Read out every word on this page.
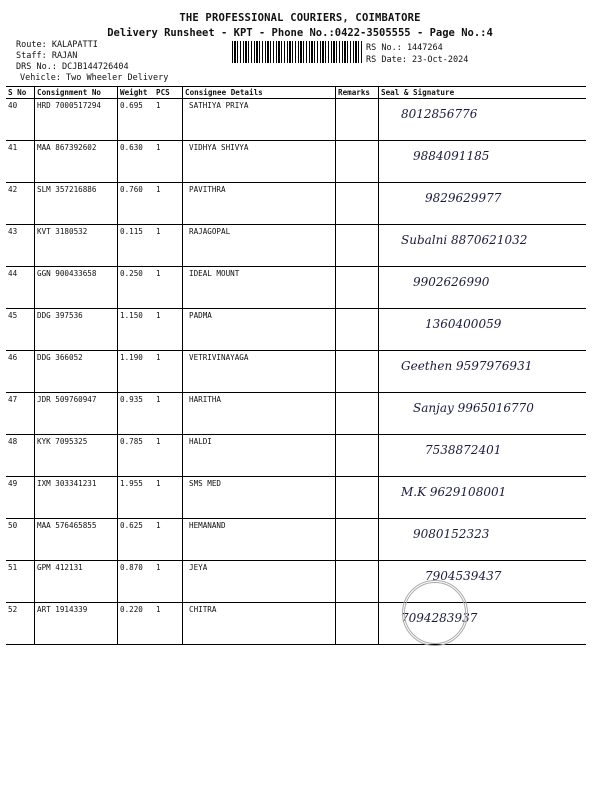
THE PROFESSIONAL COURIERS, COIMBATORE
Delivery Runsheet - KPT - Phone No.:0422-3505555 - Page No.:4
Route: KALAPATTI
Staff: RAJAN
DRS No.: DCJB144726404
Vehicle: Two Wheeler Delivery
RS No.: 1447264
RS Date: 23-Oct-2024
S No	Consignment No	Weight	PCS	Consignee Details	Remarks	Seal & Signature
40	HRD 7000517294	0.695	1	SATHIYA PRIYA		8012856776

41	MAA 867392602	0.630	1	VIDHYA SHIVYA		9884091185

42	SLM 357216886	0.760	1	PAVITHRA		9829629977

43	KVT 3180532	0.115	1	RAJAGOPAL		Subalni 8870621032

44	GGN 900433658	0.250	1	IDEAL MOUNT		9902626990

45	DDG 397536	1.150	1	PADMA		1360400059

46	DDG 366052	1.190	1	VETRIVINAYAGA		Geethen 9597976931

47	JDR 509760947	0.935	1	HARITHA		Sanjay 9965016770

48	KYK 7095325	0.785	1	HALDI		7538872401

49	IXM 303341231	1.955	1	SMS MED		M.K 9629108001

50	MAA 576465855	0.625	1	HEMANAND		9080152323

51	GPM 412131	0.870	1	JEYA		7904539437

52	ART 1914339	0.220	1	CHITRA		7094283937
